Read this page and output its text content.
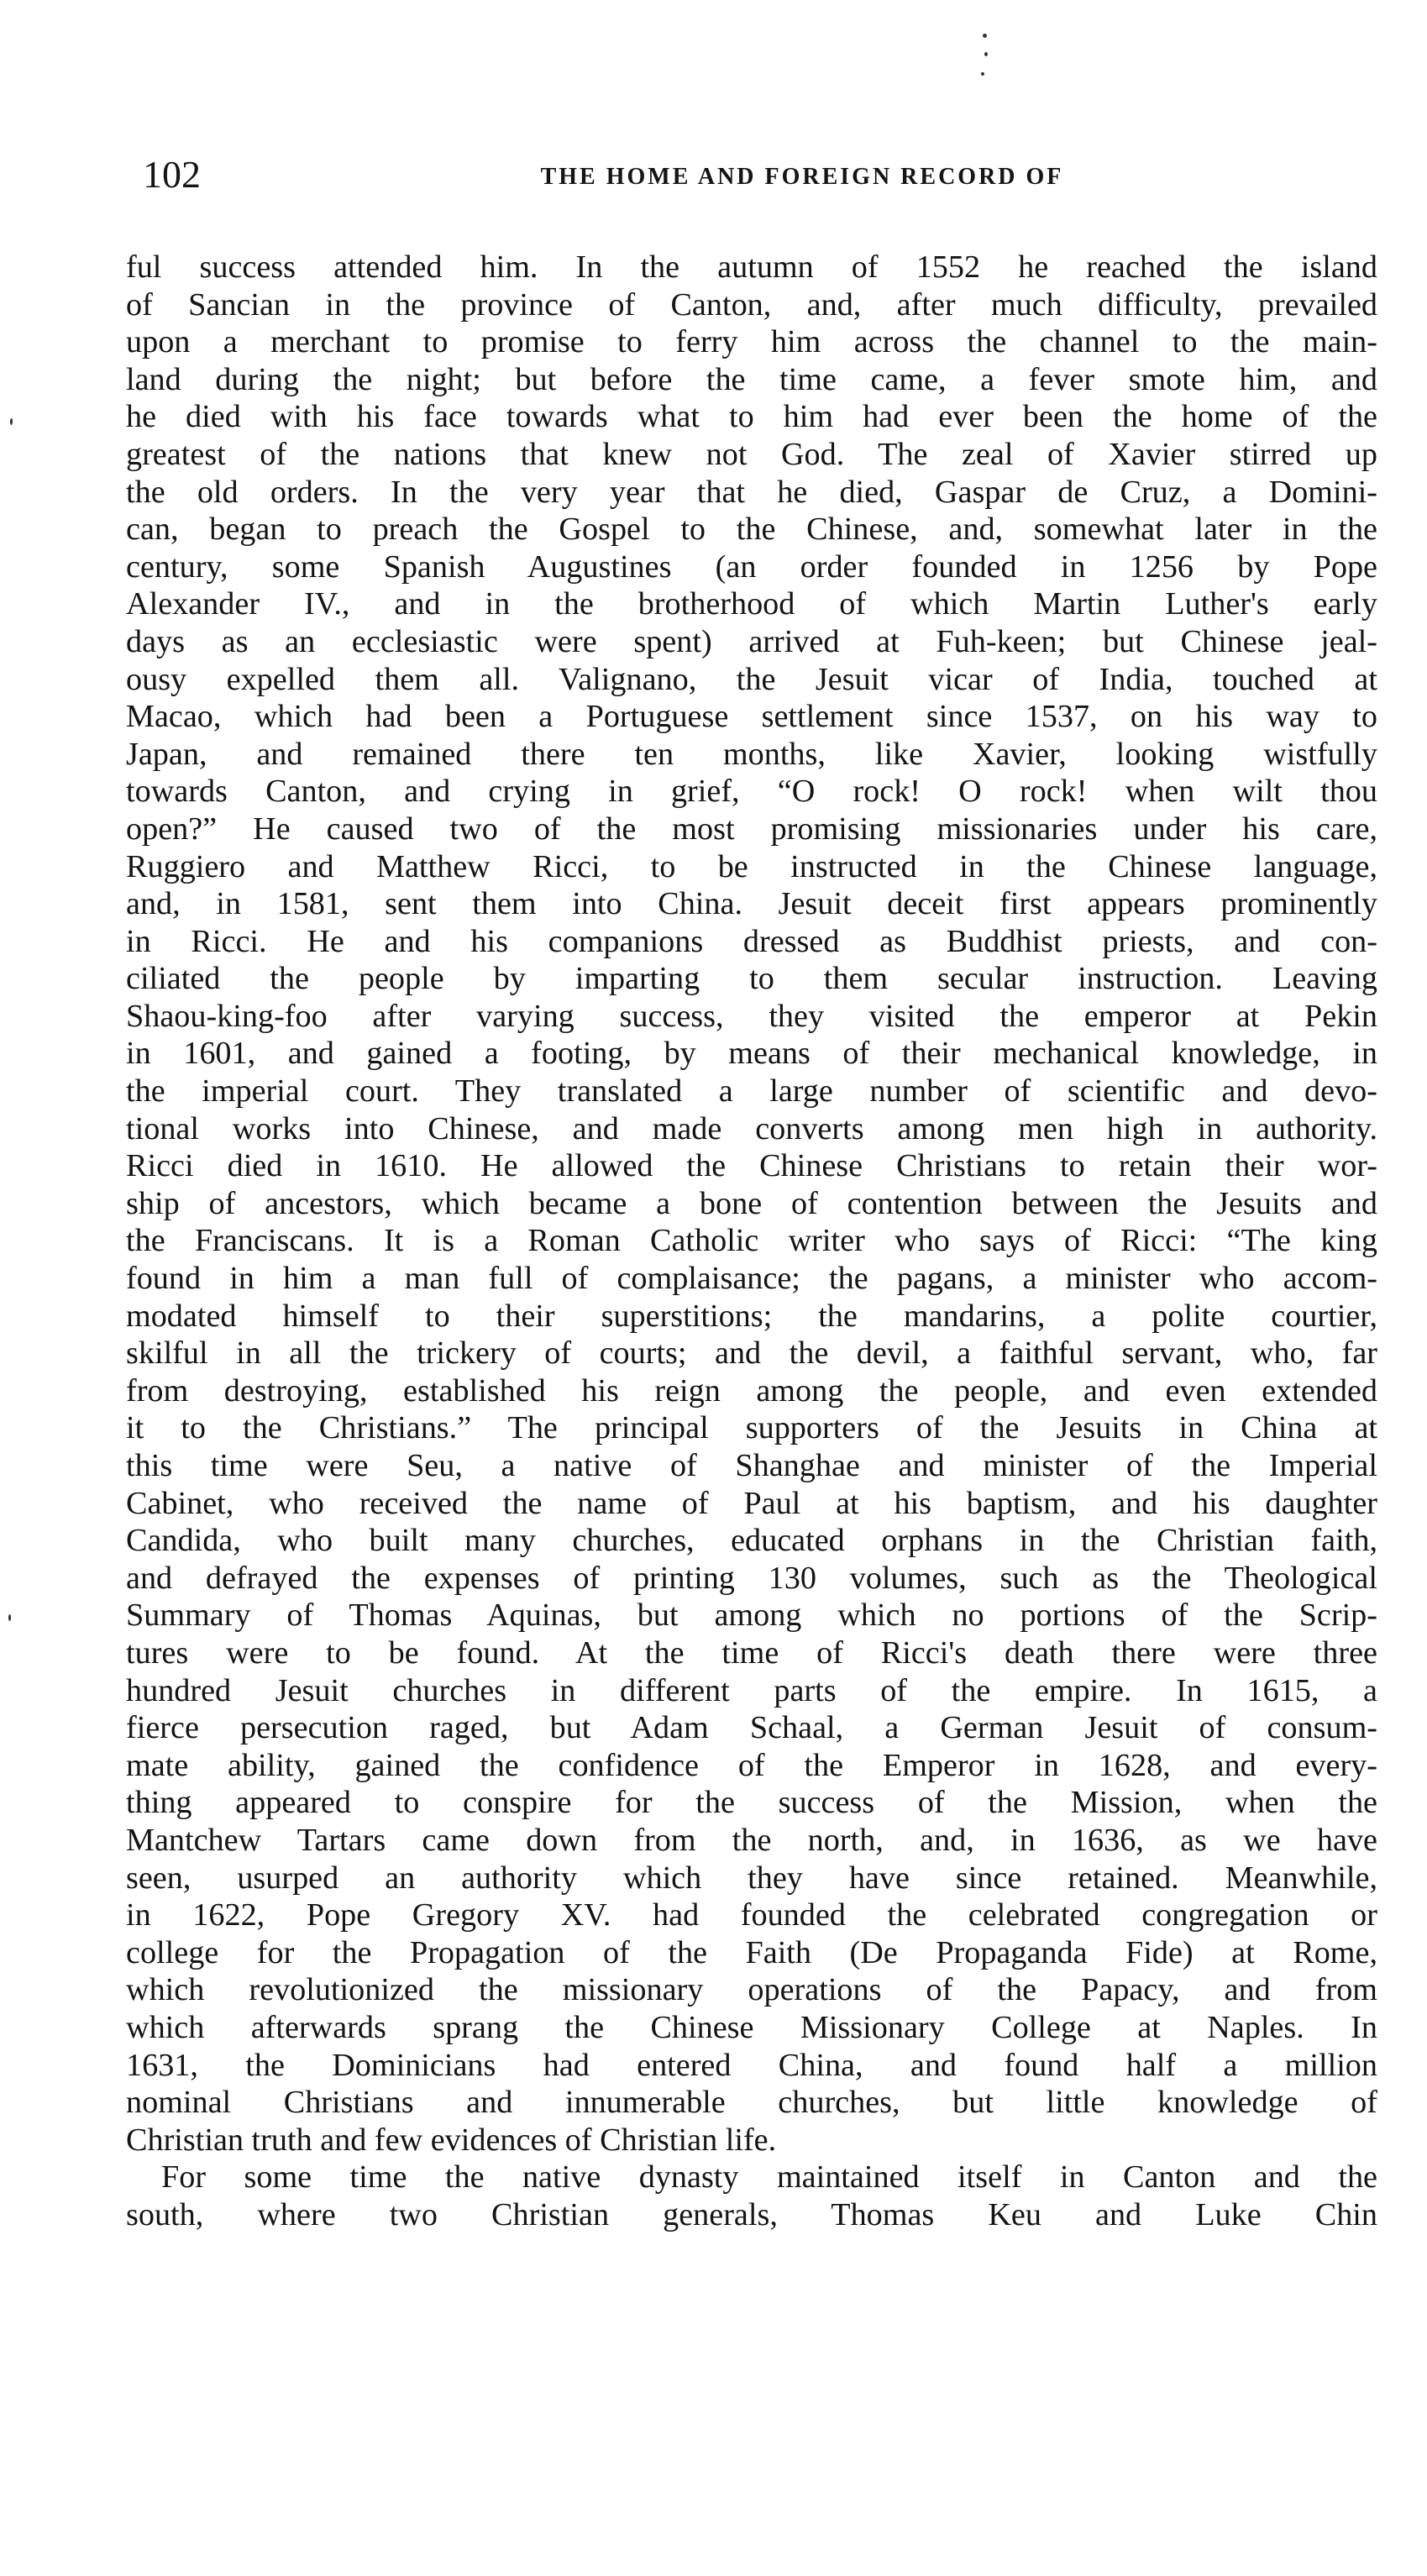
102	THE HOME AND FOREIGN RECORD OF
ful success attended him. In the autumn of 1552 he reached the island
of Sancian in the province of Canton, and, after much difficulty, prevailed
upon a merchant to promise to ferry him across the channel to the main-
land during the night; but before the time came, a fever smote him, and
he died with his face towards what to him had ever been the home of the
greatest of the nations that knew not God. The zeal of Xavier stirred up
the old orders. In the very year that he died, Gaspar de Cruz, a Domini-
can, began to preach the Gospel to the Chinese, and, somewhat later in the
century, some Spanish Augustines (an order founded in 1256 by Pope
Alexander IV., and in the brotherhood of which Martin Luther's early
days as an ecclesiastic were spent) arrived at Fuh-keen; but Chinese jeal-
ousy expelled them all. Valignano, the Jesuit vicar of India, touched at
Macao, which had been a Portuguese settlement since 1537, on his way to
Japan, and remained there ten months, like Xavier, looking wistfully
towards Canton, and crying in grief, “O rock! O rock! when wilt thou
open?” He caused two of the most promising missionaries under his care,
Ruggiero and Matthew Ricci, to be instructed in the Chinese language,
and, in 1581, sent them into China. Jesuit deceit first appears prominently
in Ricci. He and his companions dressed as Buddhist priests, and con-
ciliated the people by imparting to them secular instruction. Leaving
Shaou-king-foo after varying success, they visited the emperor at Pekin
in 1601, and gained a footing, by means of their mechanical knowledge, in
the imperial court. They translated a large number of scientific and devo-
tional works into Chinese, and made converts among men high in authority.
Ricci died in 1610. He allowed the Chinese Christians to retain their wor-
ship of ancestors, which became a bone of contention between the Jesuits and
the Franciscans. It is a Roman Catholic writer who says of Ricci: “The king
found in him a man full of complaisance; the pagans, a minister who accom-
modated himself to their superstitions; the mandarins, a polite courtier,
skilful in all the trickery of courts; and the devil, a faithful servant, who, far
from destroying, established his reign among the people, and even extended
it to the Christians.” The principal supporters of the Jesuits in China at
this time were Seu, a native of Shanghae and minister of the Imperial
Cabinet, who received the name of Paul at his baptism, and his daughter
Candida, who built many churches, educated orphans in the Christian faith,
and defrayed the expenses of printing 130 volumes, such as the Theological
Summary of Thomas Aquinas, but among which no portions of the Scrip-
tures were to be found. At the time of Ricci's death there were three
hundred Jesuit churches in different parts of the empire. In 1615, a
fierce persecution raged, but Adam Schaal, a German Jesuit of consum-
mate ability, gained the confidence of the Emperor in 1628, and every-
thing appeared to conspire for the success of the Mission, when the
Mantchew Tartars came down from the north, and, in 1636, as we have
seen, usurped an authority which they have since retained. Meanwhile,
in 1622, Pope Gregory XV. had founded the celebrated congregation or
college for the Propagation of the Faith (De Propaganda Fide) at Rome,
which revolutionized the missionary operations of the Papacy, and from
which afterwards sprang the Chinese Missionary College at Naples. In
1631, the Dominicians had entered China, and found half a million
nominal Christians and innumerable churches, but little knowledge of
Christian truth and few evidences of Christian life.
For some time the native dynasty maintained itself in Canton and the
south, where two Christian generals, Thomas Keu and Luke Chin
